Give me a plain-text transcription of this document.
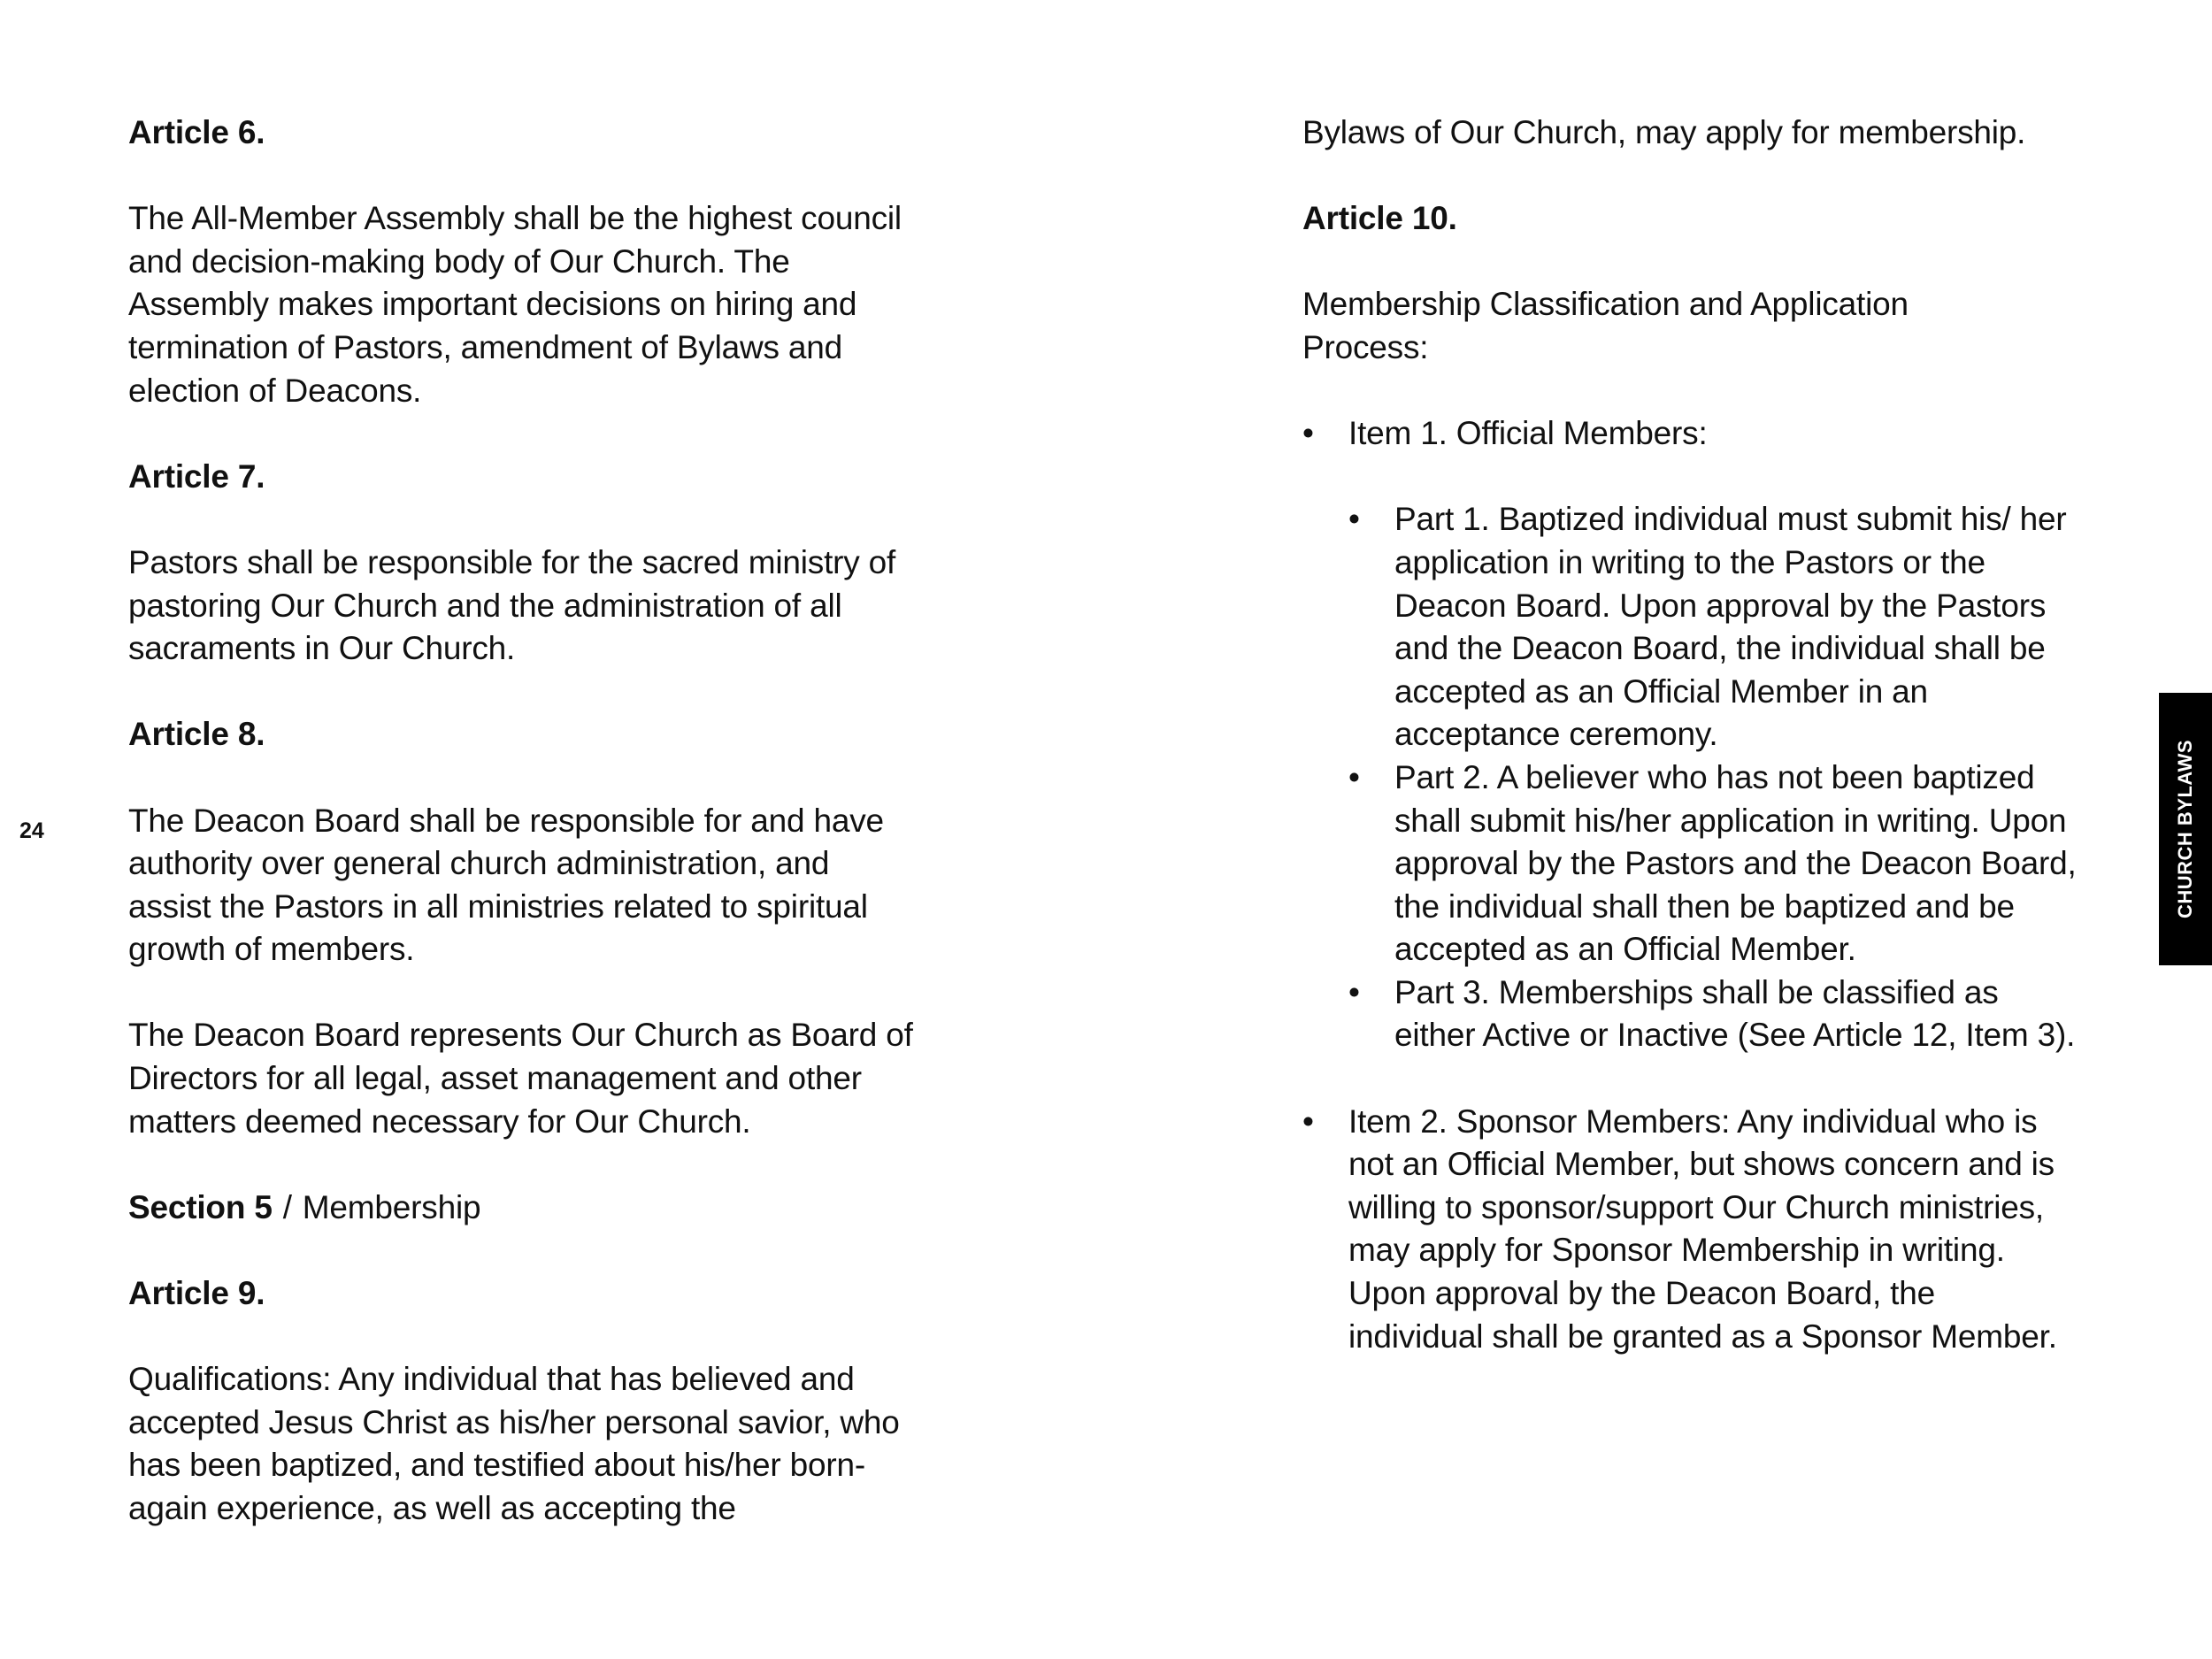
24

Article 6.

The All-Member Assembly shall be the highest council and decision-making body of Our Church. The Assembly makes important decisions on hiring and termination of Pastors, amendment of Bylaws and election of Deacons.

Article 7.

Pastors shall be responsible for the sacred ministry of pastoring Our Church and the administration of all sacraments in Our Church.

Article 8.

The Deacon Board shall be responsible for and have authority over general church administration, and assist the Pastors in all ministries related to spiritual growth of members.

The Deacon Board represents Our Church as Board of Directors for all legal, asset management and other matters deemed necessary for Our Church.

Section 5 / Membership

Article 9.

Qualifications: Any individual that has believed and accepted Jesus Christ as his/her personal savior, who has been baptized, and testified about his/her born-again experience, as well as accepting the

Bylaws of Our Church, may apply for membership.

Article 10.

Membership Classification and Application Process:

• Item 1. Official Members:
• Part 1. Baptized individual must submit his/ her application in writing to the Pastors or the Deacon Board. Upon approval by the Pastors and the Deacon Board, the individual shall be accepted as an Official Member in an acceptance ceremony.
• Part 2. A believer who has not been baptized shall submit his/her application in writing. Upon approval by the Pastors and the Deacon Board, the individual shall then be baptized and be accepted as an Official Member.
• Part 3. Memberships shall be classified as either Active or Inactive (See Article 12, Item 3).
• Item 2. Sponsor Members: Any individual who is not an Official Member, but shows concern and is willing to sponsor/support Our Church ministries, may apply for Sponsor Membership in writing. Upon approval by the Deacon Board, the individual shall be granted as a Sponsor Member.
CHURCH BYLAWS
